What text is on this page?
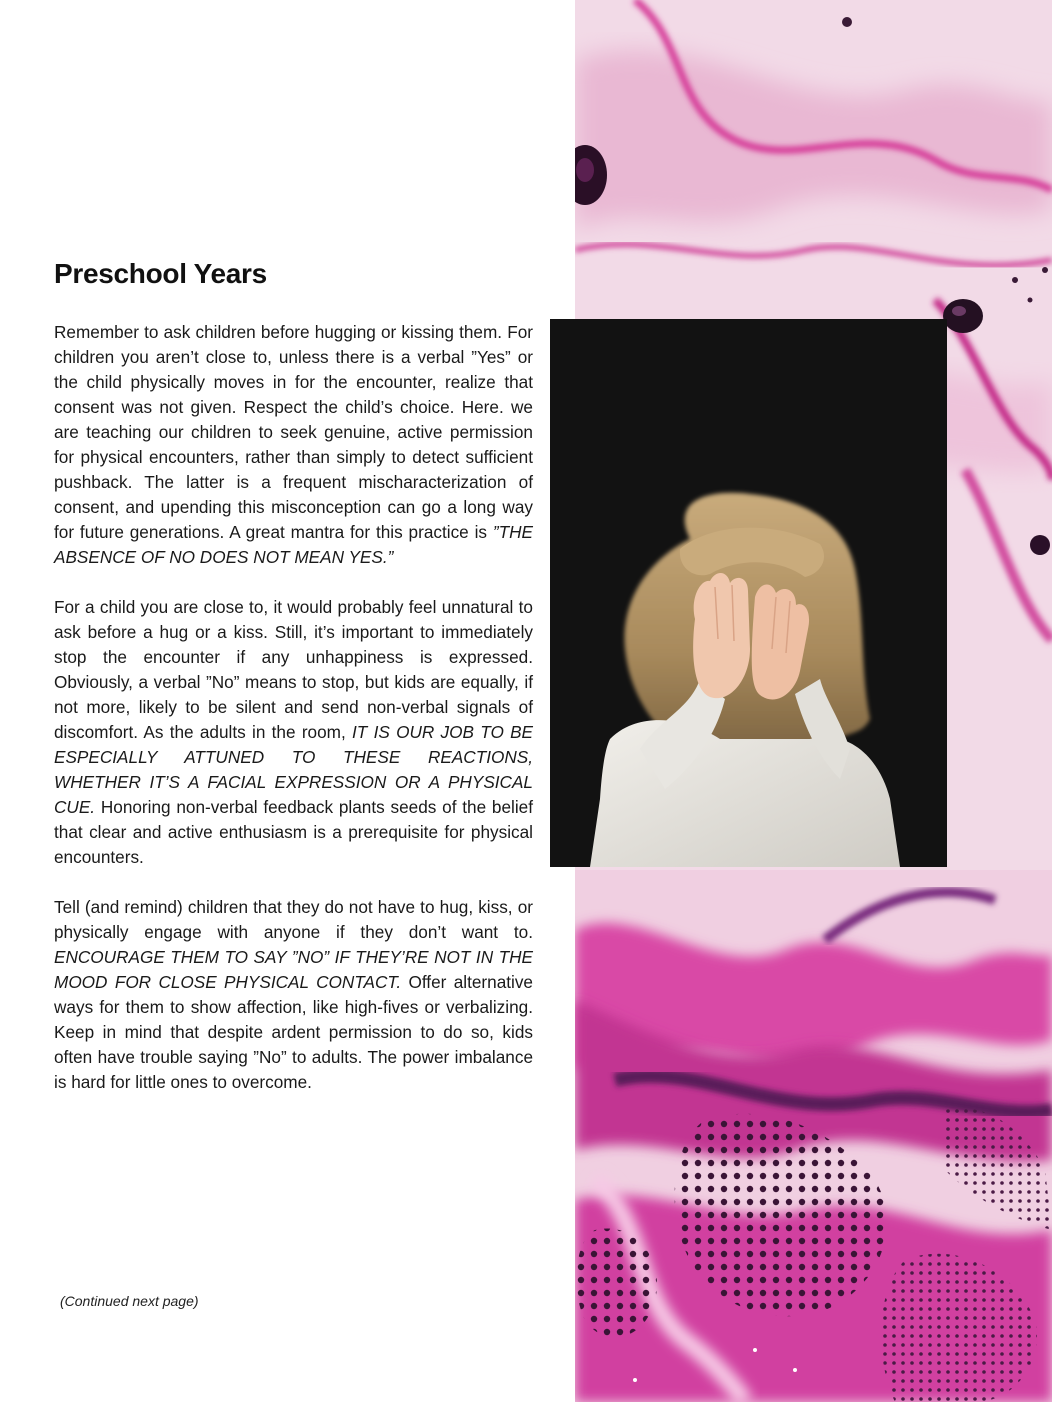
Preschool Years

Remember to ask children before hugging or kissing them. For children you aren’t close to, unless there is a verbal ”Yes” or the child physically moves in for the encounter, realize that consent was not given. Respect the child’s choice. Here. we are teaching our children to seek genuine, active permission for physical encounters, rather than simply to detect sufficient pushback. The latter is a frequent mischaracterization of consent, and upending this misconception can go a long way for future generations. A great mantra for this practice is ”THE ABSENCE OF NO DOES NOT MEAN YES.”

For a child you are close to, it would probably feel unnatural to ask before a hug or a kiss. Still, it’s important to immediately stop the encounter if any unhappiness is expressed. Obviously, a verbal ”No” means to stop, but kids are equally, if not more, likely to be silent and send non-verbal signals of discomfort. As the adults in the room, IT IS OUR JOB TO BE ESPECIALLY ATTUNED TO THESE REACTIONS, WHETHER IT’S A FACIAL EXPRESSION OR A PHYSICAL CUE. Honoring non-verbal feedback plants seeds of the belief that clear and active enthusiasm is a prerequisite for physical encounters.

Tell (and remind) children that they do not have to hug, kiss, or physically engage with anyone if they don’t want to. ENCOURAGE THEM TO SAY ”NO” IF THEY’RE NOT IN THE MOOD FOR CLOSE PHYSICAL CONTACT. Offer alternative ways for them to show affection, like high-fives or verbalizing. Keep in mind that despite ardent permission to do so, kids often have trouble saying ”No” to adults. The power imbalance is hard for little ones to overcome.

(Continued next page)
